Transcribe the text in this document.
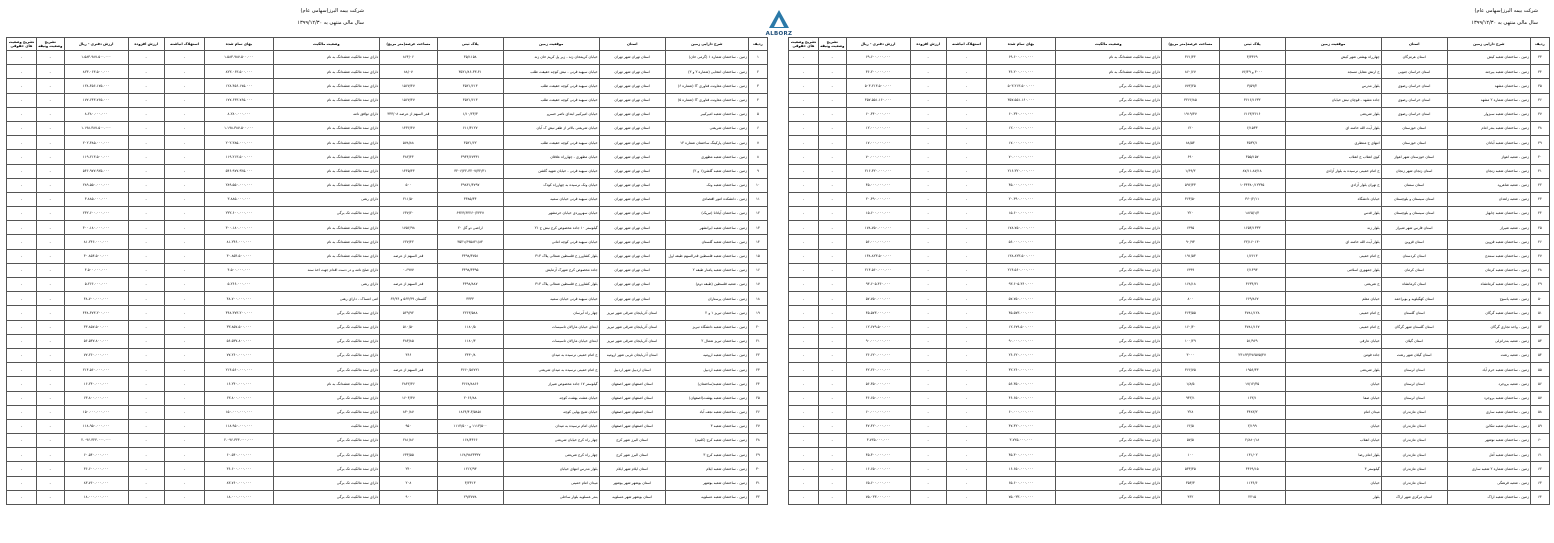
شرکت بیمه البرز(سهامی عام)
سال مالی منتهی به ۱۳۹۹/۱۲/۳۰
ردیف	شرح دارایی زمین	استان	موقعیت زمین	پلاک ثبتی	مساحت عرصه(متر مربع)	وضعیت مالکیت	بهای تمام شده	استهلاک انباشته	ارزش افزوده	ارزش دفتری - ریال	تشریح وضعیت وثیقه	تشریح وضعیت های حقوقی
۱	زمین - ساختمان شماره ۱ (گرمی خان)	استان تهران شهر تهران	خیابان کریمخان زند - زیر پل کریم خان زند	۳۵/۱۱۵۸	۸۶۴/۰۶	دارای سند مالکیت ششدانگ به نام	۱.۵۸۳.۹۸۷.۵۰۰.۰۰۰	-	-	۱.۵۸۳.۹۸۷.۵۰۰.۰۰۰	-	-
۲	زمین - ساختمان انتخابی (شماره ۲ و ۳)	استان تهران شهر تهران	خیابان سپهبد قرنی - نبش کوچه حقیقت طلب	۳۵۲۱/۸۶-۳۳-۴۱	۸۸/۰۷	دارای سند مالکیت ششدانگ به نام	۸۲۳.۰۶۳.۵۰۰.۰۰۰	-	-	۸۲۳.۰۶۳.۵۰۰.۰۰۰	-	-
۳	زمین - ساختمان معاونت فناوری IT (شماره ۶)	استان تهران شهر تهران	خیابان سپهبد قرنی کوچه حقیقت طلب	۳۵۲۱/۶۱۳	۱۵۶۷/۴۷	دارای سند مالکیت ششدانگ به نام	۱۲۸.۴۵۶.۱۷۵.۰۰۰	-	-	۱۲۸.۴۵۶.۱۷۵.۰۰۰	-	-
۴	زمین - ساختمان معاونت فناوری IT (شماره ۵)	استان تهران شهر تهران	خیابان سپهبد قرنی کوچه حقیقت طلب	۳۵۲۱/۶۱۳	۱۵۶۷/۴۷	دارای سند مالکیت ششدانگ به نام	۱۷۷.۶۴۳.۷۶۵.۰۰۰	-	-	۱۷۷.۶۴۳.۷۶۵.۰۰۰	-	-
۵	زمین - ساختمان شعبه امیرکبیر	استان تهران شهر تهران	خیابان امیرکبیر ابتدای ناصر خسرو	۱/۱۰/۲۳/۳	قدر السهم از عرصه ۳۳۳/۰۸	دارای توافق نامه	۸.۲۸۰.۰۰۰.۰۰۰	-	-	۸.۲۸۰.۰۰۰.۰۰۰	-	-
۶	زمین - ساختمان شریعتی	استان تهران شهر تهران	خیابان شریعتی بالاتر از ظفر نبش ک آبان	۶۱۱/۳۱۲۷	۱۴۳۶/۴۷	دارای سند مالکیت ششدانگ به نام	۱.۱۹۸.۳۸۷.۵۰۰.۰۰۰	-	-	۱.۱۹۸.۳۸۷.۵۰۰.۰۰۰	-	-
۷	زمین - ساختمان پارکینگ ساختمان شماره ۱۴	استان تهران شهر تهران	خیابان سپهبد قرنی کوچه حقیقت طلب	۳۵۲۱/۶۲	۵۷۸/۸۸	دارای سند مالکیت ششدانگ به نام	۲۰۲.۳۸۵.۰۰۰.۰۰۰	-	-	۲۰۲.۳۸۵.۰۰۰.۰۰۰	-	-
۸	زمین - ساختمان شعبه مطهری	استان تهران شهر تهران	خیابان مطهری - چهارراه علافان	۳۹۴۴/۶۷۳۳۱	۳۸۲/۴۴	دارای سند مالکیت ششدانگ به نام	۱۱۹.۲۱۳.۵۰۰.۰۰۰	-	-	۱۱۹.۲۱۳.۵۰۰.۰۰۰	-	-
۹	زمین - ساختمان شعبه گلشن(۱ و ۲)	استان تهران شهر تهران	خیابان سپهبد قرنی - خیابان شهید گلشن	۳۲۰۶/۴۲-۳۲۰۷/۳۲/۳۱	۱۴۴۵/۴۴	دارای سند مالکیت ششدانگ به نام	۵۴۶.۹۷۷.۹۲۵.۰۰۰	-	-	۵۴۶.۹۷۷.۹۲۵.۰۰۰	-	-
۱۰	زمین - ساختمان شعبه ونک	استان تهران شهر تهران	خیابان ونک نرسیده به چهارراه کودک	۳۹۸۳۱/۴۷۹۷	۵۰۰	دارای سند مالکیت ششدانگ به نام	۲۸۹.۵۵۰.۰۰۰.۰۰۰	-	-	۲۸۹.۵۵۰.۰۰۰.۰۰۰	-	-
۱۱	زمین - دانشکده امور اقتصادی	استان تهران شهر تهران	خیابان سپهبد قرنی خیابان سمیه	۳۳۸۵/۴۴	۲۱۱/۵۰	دارای رهنی	۳.۸۸۵.۰۰۰.۰۰۰	-	-	۳.۸۸۵.۰۰۰.۰۰۰	-	-
۱۲	زمین - ساختمان آپادانا (تبریک)	استان تهران شهر تهران	خیابان سهروردی خیابان خرمشهر	۶۹۲۳/۶۴۲۶۰/۲۴۴۷	۶۳۷/۲۰	دارای سند مالکیت تک برگی	۲۳۲.۶۰۰.۰۰۰.۰۰۰	-	-	۲۳۲.۶۰۰.۰۰۰.۰۰۰	-	-
۱۳	زمین - ساختمان شعبه ایرانشهر	استان تهران شهر تهران	گیلوستر ۱۰ جاده مخصوص کرج نبش خ ۲۱	اراضی دو گل ۲۰	۱۷۵۶/۹۸	دارای سند مالکیت ششدانگ به نام	۳۰۰.۱۸۰.۰۰۰.۰۰۰	-	-	۳۰۰.۱۸۰.۰۰۰.۰۰۰	-	-
۱۴	زمین - ساختمان شعبه گلستان	استان تهران شهر تهران	خیابان سپهبد قرنی کوچه امانی	۳۵۲۱/۶۹۵۸۲۱/۸۴	۶۲۷/۴۲	دارای سند مالکیت ششدانگ به نام	۸۱.۲۴۶.۰۰۰.۰۰۰	-	-	۸۱.۲۴۶.۰۰۰.۰۰۰	-	-
۱۵	زمین - ساختمان شعبه فلسطین قدرالسهم طبقه اول	استان تهران شهر تهران	بلوار کشاورز خ فلسطین شمالی پلاک ۳۱۳	۳۳۹۸/۳۷۵۱	قدر السهم از عرصه	دارای سند مالکیت ششدانگ به نام	۳۰.۸۵۴.۵۰۰.۰۰۰	-	-	۳۰.۸۵۴.۵۰۰.۰۰۰	-	-
۱۶	زمین - ساختمان شعبه پامنار طبقه ۲	استان تهران شهر تهران	جاده مخصوص کرج شهرک آزمایش	۳۳۹۸/۳۳۹۵	۰-۶۹۷۷	دارای صلح نامه و در دست اقدام جهت اخذ سند	۴.۵۰۰.۰۰۰.۰۰۰	-	-	۴.۵۰۰.۰۰۰.۰۰۰	-	-
۱۷	زمین - شعبه فلسطین (طبقه دوم)	استان تهران شهر تهران	بلوار کشاورز خ فلسطین شمالی پلاک ۳۱۳	۳۳۹۸/۸۸۷	قدر السهم از عرصه	دارای رهنی	۵.۲۶۶.۰۰۰.۰۰۰	-	-	۵.۲۶۶.۰۰۰.۰۰۰	-	-
۱۸	زمین - ساختمان پرستاران	استان تهران شهر تهران	خیابان سپهبد قرنی خیابان سمیه	۳۳۳۴	گلستان ۵۶۴/۳۹ و ۶۴/۳۶	اتنی امساک - دارای رهنی	۴۸.۷۰۰.۰۰۰.۰۰۰	-	-	۴۸.۷۰۰.۰۰۰.۰۰۰	-	-
۱۹	زمین - ساختمان تبریز ۱ و ۲	استان آذربایجان شرقی شهر تبریز	چهار راه آبرسان	۲۲۶۳/۵۸۸	۵۲۹/۹۲	دارای سند مالکیت تک برگی	۴۴۸.۳۷۳.۲۰۰.۰۰۰	-	-	۴۴۸.۳۷۳.۲۰۰.۰۰۰	-	-
۲۰	زمین - ساختمان شعبه دانشگاه تبریز	استان آذربایجان شرقی شهر تبریز	ابتدای خیابان مارالان تاسیسات	۱۱۸۰/۵	۵۱۰/۵۰	دارای سند مالکیت تک برگی	۳۳.۸۵۷.۵۰۰.۰۰۰	-	-	۳۳.۸۵۷.۵۰۰.۰۰۰	-	-
۲۱	زمین - ساختمان تبریز شمال ۲	استان آذربایجان شرقی شهر تبریز	ابتدای خیابان مارالان تاسیسات	۱۱۸۰/۳	۳۸۳/۸۵	دارای سند مالکیت تک برگی	۵۶.۵۳۷.۸۰۰.۰۰۰	-	-	۵۶.۵۳۷.۸۰۰.۰۰۰	-	-
۲۲	زمین - ساختمان شعبه ارومیه	استان آذربایجان غربی شهر ارومیه	خ امام خمینی نرسیده به میدان	۲۴۳۰/۸	۳۶۶	دارای سند مالکیت تک برگی	۷۷.۲۶۰.۰۰۰.۰۰۰	-	-	۷۷.۲۶۰.۰۰۰.۰۰۰	-	-
۲۳	زمین - ساختمان شعبه اردبیل	استان اردبیل شهر اردبیل	خ امام خمینی نرسیده به میدان شریعتی	۳۶۶۰/۵۶۷۲۱	قدر السهم از عرصه	دارای سند مالکیت تک برگی	۲۱۴.۵۶۰.۰۰۰.۰۰۰	-	-	۲۱۴.۵۶۰.۰۰۰.۰۰۰	-	-
۲۴	زمین - ساختمان شعبه(ساختمان)	استان اصفهان شهر اصفهان	گیلوستر ۱۷ جاده مخصوص شیراز	۳۶۶۸/۸۸۶۶	۲۸۴۲/۳۶	دارای سند مالکیت ششدانگ به نام	۱۶.۲۴۰.۰۰۰.۰۰۰	-	-	۱۶.۲۴۰.۰۰۰.۰۰۰	-	-
۲۵	زمین - ساختمان شعبه بهشت(اصفهان)	استان اصفهان شهر اصفهان	خیابان هشت بهشت کوچه	۲۰۶۶/۸۸	۱۶۰۴/۳۷	دارای سند مالکیت تک برگی	۶۳.۸۰۰.۰۰۰.۰۰۰	-	-	۶۳.۸۰۰.۰۰۰.۰۰۰	-	-
۲۶	زمین - ساختمان شعبه نجف آباد	استان اصفهان شهر اصفهان	خیابان شیخ بهایی کوچه	۱۸۶۴/۴.۳/۵۸۵۱	۸۳۰/۸۷	دارای سند مالکیت تک برگی	۱۵۰.۰۰۰.۰۰۰.۰۰۰	-	-	۱۵۰.۰۰۰.۰۰۰.۰۰۰	-	-
۲۷	زمین - ساختمان شعبه ۳	استان اصفهان شهر اصفهان	خیابان امام نرسیده به میدان	۱۱۱۳/۵۰۰ و ۱۱۱۴/۵۰۰	۹۵۰	دارای سند مالکیت	۱۱۸.۹۵۰.۰۰۰.۰۰۰	-	-	۱۱۸.۹۵۰.۰۰۰.۰۰۰	-	-
۲۸	زمین - ساختمان شعبه کرج (کلنیم)	استان البرز شهر کرج	چهار راه کرج خیابان شریعتی	۱۶۸/۴۴۶۶	۲۸۱/۸۶	دارای سند مالکیت تک برگی	۲.۰۹۶.۳۲۴.۰۰۰.۰۰۰	-	-	۲.۰۹۶.۳۲۴.۰۰۰.۰۰۰	-	-
۲۹	زمین - ساختمان شعبه کرج ۳	استان البرز شهر کرج	چهار راه کرج شریعتی	۱۶۸/۹۸۲۳۳۳۷	۶۳۳/۵۵	دارای سند مالکیت تک برگی	۶۰.۵۴۰.۰۰۰.۰۰۰	-	-	۶۰.۵۴۰.۰۰۰.۰۰۰	-	-
۳۰	زمین - ساختمان شعبه ایلام	استان ایلام شهر ایلام	بلوار مدرس انتهای خیابان	۱۲۱۲/۹۳	۲۴۰	دارای سند مالکیت تک برگی	۳۶.۶۰۰.۰۰۰.۰۰۰	-	-	۳۶.۶۰۰.۰۰۰.۰۰۰	-	-
۳۱	زمین - ساختمان شعبه بوشهر	استان بوشهر شهر بوشهر	میدان امام خمینی	۳/۲۳۱۳	۲۰۸	دارای سند مالکیت تک برگی	۸۳.۷۶۰.۰۰۰.۰۰۰	-	-	۸۳.۷۶۰.۰۰۰.۰۰۰	-	-
۳۲	زمین - ساختمان شعبه عسلویه	استان بوشهر شهر عسلویه	بندر عسلویه بلوار ساحلی	۲۹/۲۷۷۸	۹۰۰	دارای سند مالکیت تک برگی	۱۸.۰۰۰.۰۰۰.۰۰۰	-	-	۱۸.۰۰۰.۰۰۰.۰۰۰	-	-
ALBORZ
شرکت بیمه البرز(سهامی عام)
سال مالی منتهی به ۱۳۹۹/۱۲/۳۰
ردیف	شرح دارایی زمین	استان	موقعیت زمین	پلاک ثبتی	مساحت عرصه(متر مربع)	وضعیت مالکیت	بهای تمام شده	استهلاک انباشته	ارزش افزوده	ارزش دفتری - ریال	تشریح وضعیت وثیقه	تشریح وضعیت های حقوقی
۳۳	زمین - ساختمان شعبه کیش	استان هرمزگان	چهارراه بهشتی شهر کیش	۳/۳۳۶۹	۳۶۱/۳۴	دارای سند مالکیت ششدانگ به نام	۶۹.۶۰۰.۰۰۰.۰۰۰	-	-	۶۹.۶۰۰.۰۰۰.۰۰۰	-	-
۳۴	زمین - ساختمان شعبه بیرجند	استان خراسان جنوبی	خ ارتش مقابل مسجد	۳۰۰۰ و ۷۶/۴۹	۸۶۰/۶۷	دارای سند مالکیت ششدانگ به نام	۳۶.۲۰۰.۰۰۰.۰۰۰	-	-	۳۶.۲۰۰.۰۰۰.۰۰۰	-	-
۳۵	زمین - ساختمان مشهد	استان خراسان رضوی	بلوار مدرس	۳/۵۹/۲	۷۷۲/۲۵	دارای سند مالکیت تک برگی	۵۰۳.۲۱۳.۵۰۰.۰۰۰	-	-	۵۰۳.۲۱۳.۵۰۰.۰۰۰	-	-
۳۶	زمین - ساختمان شماره ۲ مشهد	استان خراسان رضوی	جاده مشهد - قوچان نبش خیابان	۳۶۱۶/۱۶۳۳	۳۲۶۶/۸۵	دارای سند مالکیت تک برگی	۳۵۷.۵۵۱.۱۶۰.۰۰۰	-	-	۳۵۷.۵۵۱.۱۶۰.۰۰۰	-	-
۳۷	زمین - ساختمان شعبه سبزوار	استان خراسان رضوی	بلوار شریعتی	۶۱۶۳/۲۶۱۶	۱۹۱۹/۳۷	دارای سند مالکیت تک برگی	۶۰.۳۴۰.۰۰۰.۰۰۰	-	-	۶۰.۳۴۰.۰۰۰.۰۰۰	-	-
۳۸	زمین - ساختمان شعبه بندر امام	استان خوزستان	بلوار آیت الله خامنه ای	۶/۱۵۳۳	۱۲۰	دارای سند مالکیت تک برگی	۱۲.۰۰۰.۰۰۰.۰۰۰	-	-	۱۲.۰۰۰.۰۰۰.۰۰۰	-	-
۳۹	زمین - ساختمان شعبه آبادان	استان خوزستان	انتهای خ منتظری	۳۵۳۲/۱	۸۸/۵۴	دارای سند مالکیت تک برگی	۱۷.۰۰۰.۰۰۰.۰۰۰	-	-	۱۷.۰۰۰.۰۰۰.۰۰۰	-	-
۴۰	زمین - شعبه اهواز	استان خوزستان شهر اهواز	کوی انقلاب خ انقلاب	۳۵۵/۱۵۷	۶۹۰	دارای سند مالکیت تک برگی	۷۰.۰۰۰.۰۰۰.۰۰۰	-	-	۷۰.۰۰۰.۰۰۰.۰۰۰	-	-
۴۱	زمین - ساختمان شعبه زنجان	استان زنجان شهر زنجان	خ امام خمینی نرسیده به بلوار آزادی	۸۷/۱۱-۸۷/۱۸	۱/۶۹/۳	دارای سند مالکیت تک برگی	۲۱۶.۳۲۰.۰۰۰.۰۰۰	-	-	۲۱۶.۳۲۰.۰۰۰.۰۰۰	-	-
۴۲	زمین - شعبه شاهرود	استان سمنان	خ تهران بلوار آزادی	۱۰۳۴۳۸۰/۱۲۳۴۵	۵۹۶/۳۳	دارای سند مالکیت تک برگی	۴۵.۰۰۰.۰۰۰.۰۰۰	-	-	۴۵.۰۰۰.۰۰۰.۰۰۰	-	-
۴۳	زمین - شعبه زاهدان	استان سیستان و بلوچستان	خیابان دانشگاه	۳۶۰/۲/۱۱	۳۶۳/۵۰	دارای سند مالکیت تک برگی	۲۰.۳۹۰.۰۰۰.۰۰۰	-	-	۲۰.۳۹۰.۰۰۰.۰۰۰	-	-
۴۴	زمین - ساختمان شعبه چابهار	استان سیستان و بلوچستان	بلوار قدس	۱۸۶۵/۱/۴	۲۲۰	دارای سند مالکیت تک برگی	۱۵.۶۰۰.۰۰۰.۰۰۰	-	-	۱۵.۶۰۰.۰۰۰.۰۰۰	-	-
۴۵	زمین - شعبه شیراز	استان فارس شهر شیراز	بلوار زند	۱۶۵۴/۱۳۳۳	۱۳۹۵	دارای سند مالکیت تک برگی	۱۷۸.۷۵۰.۰۰۰.۰۰۰	-	-	۱۷۸.۷۵۰.۰۰۰.۰۰۰	-	-
۴۶	زمین - ساختمان شعبه قزوین	استان قزوین	بلوار آیت الله خامنه ای	۲۲/۱۶۰۱۳۰	۹۰/۹۳	دارای سند مالکیت تک برگی	۵۶.۰۰۰.۰۰۰.۰۰۰	-	-	۵۶.۰۰۰.۰۰۰.۰۰۰	-	-
۴۷	زمین - ساختمان شعبه سنندج	استان کردستان	خ امام خمینی	۱/۶۶۱۳	۱۹۱/۵۳	دارای سند مالکیت تک برگی	۱۳۸.۸۲۳.۵۰۰.۰۰۰	-	-	۱۳۸.۸۲۳.۵۰۰.۰۰۰	-	-
۴۸	زمین - ساختمان شعبه کرمان	استان کرمان	بلوار جمهوری اسلامی	۶/۱۳۹۳	۱۳۹۹	دارای سند مالکیت تک برگی	۲۱۴.۵۶۰.۰۰۰.۰۰۰	-	-	۲۱۴.۵۶۰.۰۰۰.۰۰۰	-	-
۴۹	زمین - ساختمان شعبه کرمانشاه	استان کرمانشاه	خ شریعتی	۳۶۳۴/۲۱	۱۶۸/۱۸	دارای سند مالکیت تک برگی	۹۳.۶۰۵.۳۶۰.۰۰۰	-	-	۹۳.۶۰۵.۳۶۰.۰۰۰	-	-
۵۰	زمین - شعبه یاسوج	استان کهگیلویه و بویراحمد	خیابان معلم	۶۶۹/۸۶۷	۸۰۰	دارای سند مالکیت تک برگی	۵۷.۷۵۰.۰۰۰.۰۰۰	-	-	۵۷.۷۵۰.۰۰۰.۰۰۰	-	-
۵۱	زمین - ساختمان شعبه گرگان	استان گلستان	خ امام خمینی	۳۷۸۱/۱۲۸	۴۶۳/۵۵	دارای سند مالکیت تک برگی	۴۵.۵۷۳.۰۰۰.۰۰۰	-	-	۴۵.۵۷۳.۰۰۰.۰۰۰	-	-
۵۲	زمین - واحد تجاری گرگان	استان گلستان شهر گرگان	خ امام خمینی	۳۷۸۱/۱۶۷	۱۶۰/۴۰	دارای سند مالکیت تک برگی	۱۲.۶۷۹.۵۰۰.۰۰۰	-	-	۱۲.۶۷۹.۵۰۰.۰۰۰	-	-
۵۳	زمین - شعبه بندرانزلی	استان گیلان	خیابان عارفی	۵۱/۹۶۹	۱۰۰/۲۹	دارای سند مالکیت تک برگی	۹۰.۰۰۰.۰۰۰.۰۰۰	-	-	۹۰.۰۰۰.۰۰۰.۰۰۰	-	-
۵۴	زمین - شعبه رشت	استان گیلان شهر رشت	جاده فومن	۲۴۱۶۳/۴۷۶۵۷۵/۴۷	۳۰۰۰	دارای سند مالکیت تک برگی	۲۶.۶۲۰.۰۰۰.۰۰۰	-	-	۲۶.۶۲۰.۰۰۰.۰۰۰	-	-
۵۵	زمین - ساختمان شعبه خرم آباد	استان لرستان	بلوار شریعتی	۱۹۵۶/۴۳	۳۶۶/۷۵	دارای سند مالکیت تک برگی	۴۲.۲۶۰.۰۰۰.۰۰۰	-	-	۴۲.۲۶۰.۰۰۰.۰۰۰	-	-
۵۶	زمین - شعبه بروجرد	استان لرستان	خیابان	۱۷/۱۲/۳۵	۱/۸/۵	دارای سند مالکیت تک برگی	۵۶.۳۵۰.۰۰۰.۰۰۰	-	-	۵۶.۳۵۰.۰۰۰.۰۰۰	-	-
۵۷	زمین - ساختمان شعبه بروجرد	استان لرستان	خیابان صفا	۱۶۳/۱	۹۳۲/۱	دارای سند مالکیت تک برگی	۴۶.۶۵۰.۰۰۰.۰۰۰	-	-	۴۶.۶۵۰.۰۰۰.۰۰۰	-	-
۵۸	زمین - ساختمان شعبه ساری	استان مازندران	میدان امام	۳۴۸۳/۲	۲۲۸	دارای سند مالکیت تک برگی	۶۰.۰۰۰.۰۰۰.۰۰۰	-	-	۶۰.۰۰۰.۰۰۰.۰۰۰	-	-
۵۹	زمین - ساختمان شعبه تنکابن	استان مازندران	خیابان	۲/۱۹۹	۶۶/۵	دارای سند مالکیت تک برگی	۴۷.۴۲۰.۰۰۰.۰۰۰	-	-	۴۷.۴۲۰.۰۰۰.۰۰۰	-	-
۶۰	زمین - ساختمان شعبه نوشهر	استان مازندران	خیابان انقلاب	۲/۸۸۰/۱۸	۵۷/۵	دارای سند مالکیت تک برگی	۳.۷۲۵.۰۰۰.۰۰۰	-	-	۳.۷۲۵.۰۰۰.۰۰۰	-	-
۶۱	زمین - ساختمان شعبه آمل	استان مازندران	بلوار امام رضا	۱۳۱/۰۲	۱۰۰	دارای سند مالکیت تک برگی	۴۵.۳۰۰.۰۰۰.۰۰۰	-	-	۴۵.۳۰۰.۰۰۰.۰۰۰	-	-
۶۲	زمین - ساختمان شماره ۲ شعبه ساری	استان مازندران	گیلوستر ۳	۳۴۶۹/۱۵	۵۳۳/۳۵	دارای سند مالکیت تک برگی	۱۶.۶۵۰.۰۰۰.۰۰۰	-	-	۱۶.۶۵۰.۰۰۰.۰۰۰	-	-
۶۳	زمین - شعبه فرهنگی	استان مازندران	خیابان	۱۱۳۶/۶	۳۵۳/۳	دارای سند مالکیت تک برگی	۶۵.۶۰۰.۰۰۰.۰۰۰	-	-	۶۵.۶۰۰.۰۰۰.۰۰۰	-	-
۶۴	زمین - ساختمان شعبه اراک	استان مرکزی شهر اراک	بلوار	۲۲۱۵	۳۶۲	دارای سند مالکیت تک برگی	۷۵.۰۳۳.۰۰۰.۰۰۰	-	-	۷۵.۰۳۳.۰۰۰.۰۰۰	-	-
